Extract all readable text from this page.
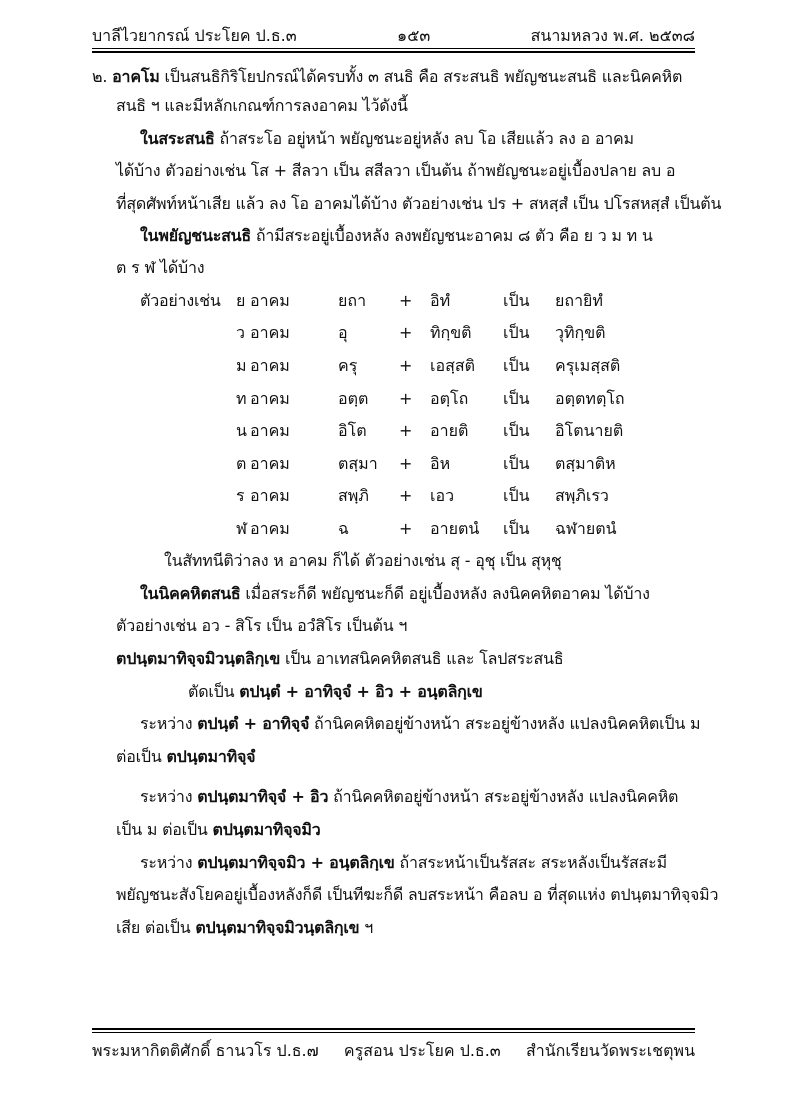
บาลีไวยากรณ์ ประโยค ป.ธ.๓	๑๕๓	สนามหลวง พ.ศ. ๒๕๓๘
๒. อาคโม เป็นสนธิกิริโยปกรณ์ได้ครบทั้ง ๓ สนธิ คือ สระสนธิ พยัญชนะสนธิ และนิคคหิต
สนธิ ฯ และมีหลักเกณฑ์การลงอาคม ไว้ดังนี้
ในสระสนธิ ถ้าสระโอ อยู่หน้า พยัญชนะอยู่หลัง ลบ โอ เสียแล้ว ลง อ อาคม
ได้บ้าง ตัวอย่างเช่น โส + สีลวา เป็น สสีลวา เป็นต้น ถ้าพยัญชนะอยู่เบื้องปลาย ลบ อ
ที่สุดศัพท์หน้าเสีย แล้ว ลง โอ อาคมได้บ้าง ตัวอย่างเช่น ปร + สหสฺสํ เป็น ปโรสหสฺสํ เป็นต้น
ในพยัญชนะสนธิ ถ้ามีสระอยู่เบื้องหลัง ลงพยัญชนะอาคม ๘ ตัว คือ ย ว ม ท น
ต ร ฬ ได้บ้าง
ตัวอย่างเช่น ย อาคม	ยถา + อิทํ	เป็น ยถายิทํ
ว อาคม	อุ	+ ทิกฺขติ เป็น วุทิกฺขติ
ม อาคม	ครุ	+ เอสฺสติ เป็น ครุเมสฺสติ
ท อาคม	อตฺต + อตฺโถ เป็น อตฺตทตฺโถ
น อาคม	อิโต + อายติ เป็น อิโตนายติ
ต อาคม	ตสฺมา + อิห	เป็น ตสฺมาติห
ร อาคม	สพฺภิ + เอว	เป็น สพฺภิเรว
ฬ อาคม	ฉ	+ อายตนํ เป็น ฉฬายตนํ
ในสัททนีติว่าลง ห อาคม ก็ได้ ตัวอย่างเช่น สุ - อุชุ เป็น สุหุชุ
ในนิคคหิตสนธิ เมื่อสระก็ดี พยัญชนะก็ดี อยู่เบื้องหลัง ลงนิคคหิตอาคม ได้บ้าง
ตัวอย่างเช่น อว - สิโร เป็น อวํสิโร เป็นต้น ฯ
ตปนฺตมาทิจฺจมิวนฺตลิกฺเข เป็น อาเทสนิคคหิตสนธิ และ โลปสระสนธิ
ตัดเป็น ตปนฺตํ + อาทิจฺจํ + อิว + อนฺตลิกฺเข
ระหว่าง ตปนฺตํ + อาทิจฺจํ ถ้านิคคหิตอยู่ข้างหน้า สระอยู่ข้างหลัง แปลงนิคคหิตเป็น ม
ต่อเป็น ตปนฺตมาทิจฺจํ
ระหว่าง ตปนฺตมาทิจฺจํ + อิว ถ้านิคคหิตอยู่ข้างหน้า สระอยู่ข้างหลัง แปลงนิคคหิต
เป็น ม ต่อเป็น ตปนฺตมาทิจฺจมิว
ระหว่าง ตปนฺตมาทิจฺจมิว + อนฺตลิกฺเข ถ้าสระหน้าเป็นรัสสะ สระหลังเป็นรัสสะมี
พยัญชนะสังโยคอยู่เบื้องหลังก็ดี เป็นทีฆะก็ดี ลบสระหน้า คือลบ อ ที่สุดแห่ง ตปนฺตมาทิจฺจมิว
เสีย ต่อเป็น ตปนฺตมาทิจฺจมิวนฺตลิกฺเข ฯ
พระมหากิตติศักดิ์ ธานวโร ป.ธ.๗ ครูสอน ประโยค ป.ธ.๓ สำนักเรียนวัดพระเชตุพน
